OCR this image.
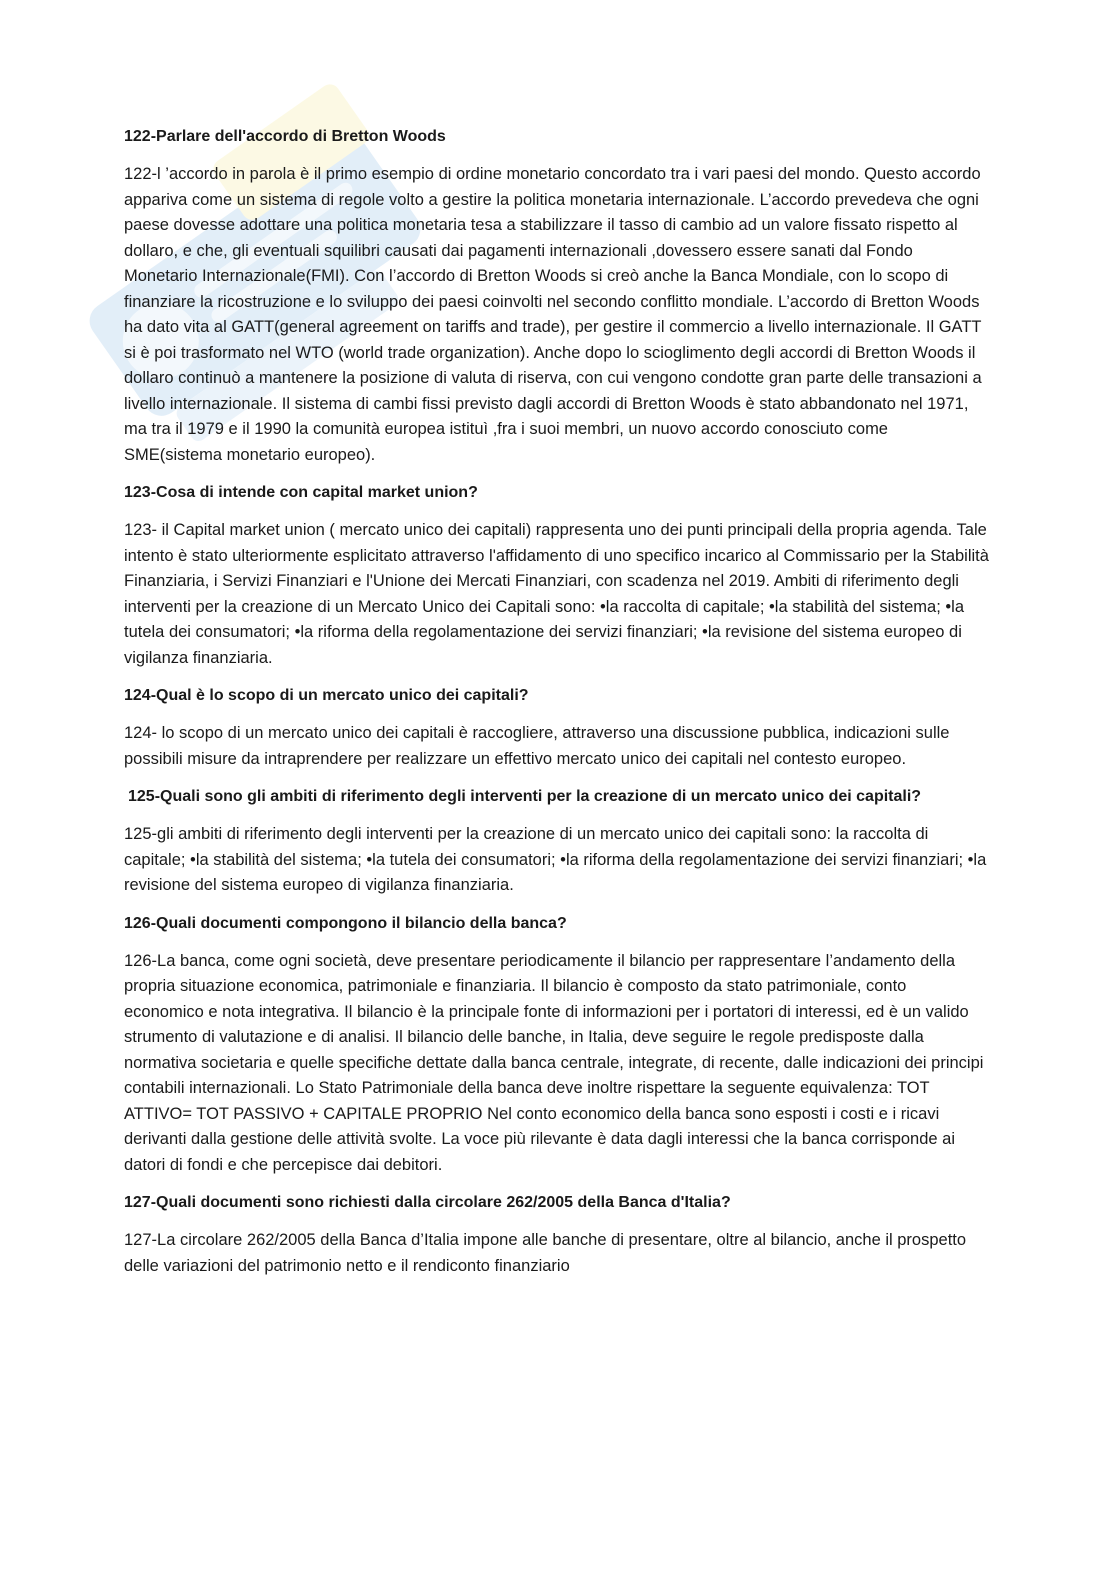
122-Parlare dell'accordo di Bretton Woods

122-l ’accordo in parola è il primo esempio di ordine monetario concordato tra i vari paesi del mondo. Questo accordo appariva come un sistema di regole volto a gestire la politica monetaria internazionale. L’accordo prevedeva che ogni paese dovesse adottare una politica monetaria tesa a stabilizzare il tasso di cambio ad un valore fissato rispetto al dollaro, e che, gli eventuali squilibri causati dai pagamenti internazionali ,dovessero essere sanati dal Fondo Monetario Internazionale(FMI). Con l’accordo di Bretton Woods si creò anche la Banca Mondiale, con lo scopo di finanziare la ricostruzione e lo sviluppo dei paesi coinvolti nel secondo conflitto mondiale. L’accordo di Bretton Woods ha dato vita al GATT(general agreement on tariffs and trade), per gestire il commercio a livello internazionale. Il GATT si è poi trasformato nel WTO (world trade organization). Anche dopo lo scioglimento degli accordi di Bretton Woods il dollaro continuò a mantenere la posizione di valuta di riserva, con cui vengono condotte gran parte delle transazioni a livello internazionale. Il sistema di cambi fissi previsto dagli accordi di Bretton Woods è stato abbandonato nel 1971, ma tra il 1979 e il 1990 la comunità europea istituì ,fra i suoi membri, un nuovo accordo conosciuto come SME(sistema monetario europeo).

123-Cosa di intende con capital market union?

123- il Capital market union ( mercato unico dei capitali) rappresenta uno dei punti principali della propria agenda. Tale intento è stato ulteriormente esplicitato attraverso l'affidamento di uno specifico incarico al Commissario per la Stabilità Finanziaria, i Servizi Finanziari e l'Unione dei Mercati Finanziari, con scadenza nel 2019. Ambiti di riferimento degli interventi per la creazione di un Mercato Unico dei Capitali sono: •la raccolta di capitale; •la stabilità del sistema; •la tutela dei consumatori; •la riforma della regolamentazione dei servizi finanziari; •la revisione del sistema europeo di vigilanza finanziaria.

124-Qual è lo scopo di un mercato unico dei capitali?

124- lo scopo di un mercato unico dei capitali è raccogliere, attraverso una discussione pubblica, indicazioni sulle possibili misure da intraprendere per realizzare un effettivo mercato unico dei capitali nel contesto europeo.

125-Quali sono gli ambiti di riferimento degli interventi per la creazione di un mercato unico dei capitali?

125-gli ambiti di riferimento degli interventi per la creazione di un mercato unico dei capitali sono: la raccolta di capitale; •la stabilità del sistema; •la tutela dei consumatori; •la riforma della regolamentazione dei servizi finanziari; •la revisione del sistema europeo di vigilanza finanziaria.

126-Quali documenti compongono il bilancio della banca?

126-La banca, come ogni società, deve presentare periodicamente il bilancio per rappresentare l’andamento della propria situazione economica, patrimoniale e finanziaria. Il bilancio è composto da stato patrimoniale, conto economico e nota integrativa. Il bilancio è la principale fonte di informazioni per i portatori di interessi, ed è un valido strumento di valutazione e di analisi. Il bilancio delle banche, in Italia, deve seguire le regole predisposte dalla normativa societaria e quelle specifiche dettate dalla banca centrale, integrate, di recente, dalle indicazioni dei principi contabili internazionali. Lo Stato Patrimoniale della banca deve inoltre rispettare la seguente equivalenza: TOT ATTIVO= TOT PASSIVO + CAPITALE PROPRIO Nel conto economico della banca sono esposti i costi e i ricavi derivanti dalla gestione delle attività svolte. La voce più rilevante è data dagli interessi che la banca corrisponde ai datori di fondi e che percepisce dai debitori.

127-Quali documenti sono richiesti dalla circolare 262/2005 della Banca d'Italia?

127-La circolare 262/2005 della Banca d’Italia impone alle banche di presentare, oltre al bilancio, anche il prospetto delle variazioni del patrimonio netto e il rendiconto finanziario
